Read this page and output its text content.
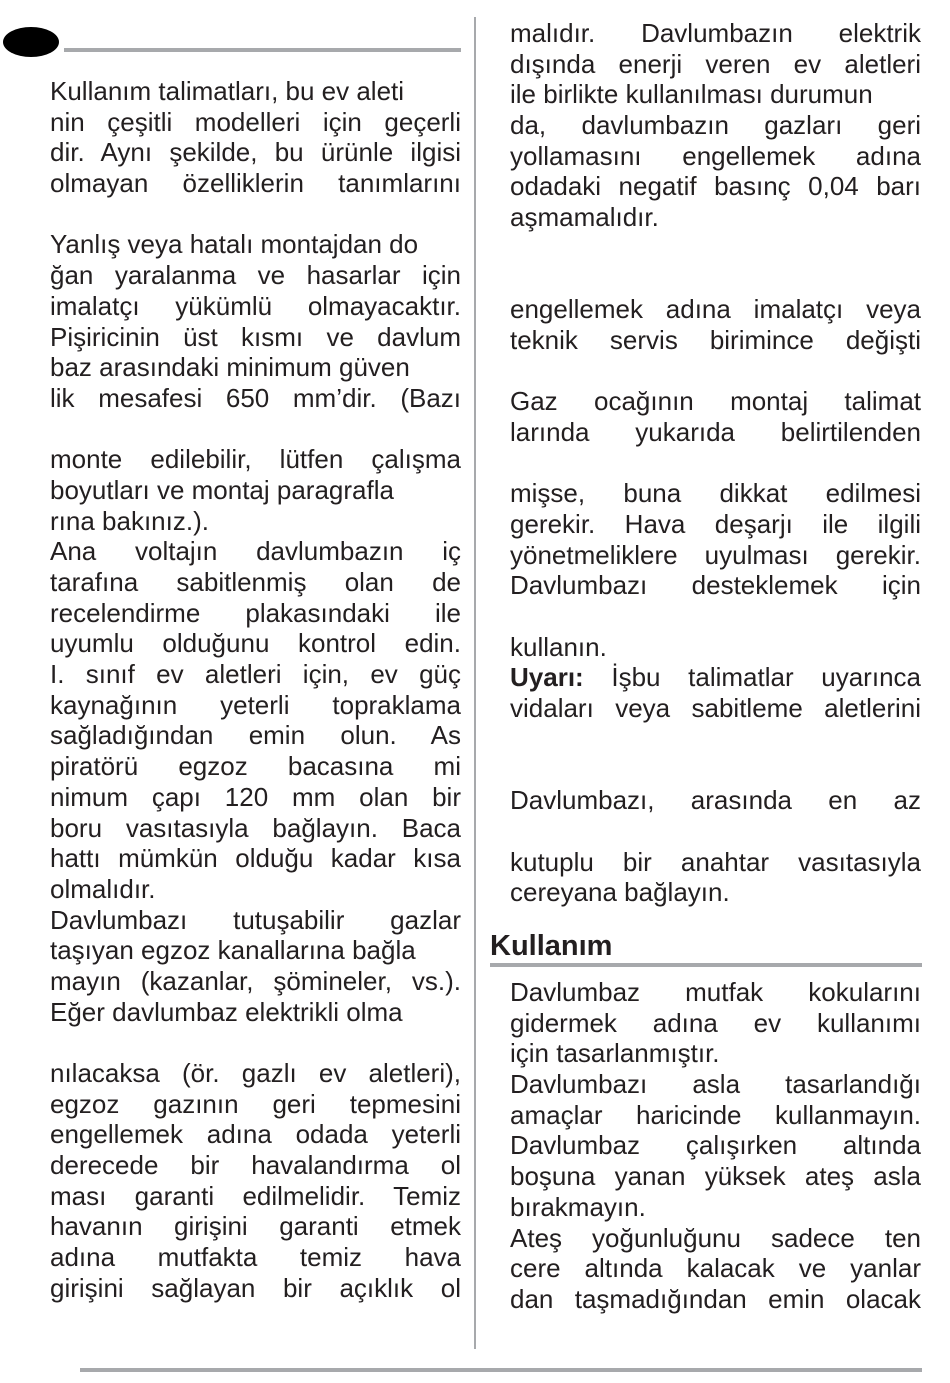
Kullanım talimatları, bu ev aleti
nin çeşitli modelleri için geçerli
dir. Aynı şekilde, bu ürünle ilgisi
olmayan özelliklerin tanımlarını
Yanlış veya hatalı montajdan do
ğan yaralanma ve hasarlar için
imalatçı yükümlü olmayacaktır.
Pişiricinin üst kısmı ve davlum
baz arasındaki minimum güven
lik mesafesi 650 mm’dir. (Bazı
monte edilebilir, lütfen çalışma
boyutları ve montaj paragrafla
rına bakınız.).
Ana voltajın davlumbazın iç
tarafına sabitlenmiş olan de
recelendirme plakasındaki ile
uyumlu olduğunu kontrol edin.
I. sınıf ev aletleri için, ev güç
kaynağının yeterli topraklama
sağladığından emin olun. As
piratörü egzoz bacasına mi
nimum çapı 120 mm olan bir
boru vasıtasıyla bağlayın. Baca
hattı mümkün olduğu kadar kısa
olmalıdır.
Davlumbazı tutuşabilir gazlar
taşıyan egzoz kanallarına bağla
mayın (kazanlar, şömineler, vs.).
Eğer davlumbaz elektrikli olma
nılacaksa (ör. gazlı ev aletleri),
egzoz gazının geri tepmesini
engellemek adına odada yeterli
derecede bir havalandırma ol
ması garanti edilmelidir. Temiz
havanın girişini garanti etmek
adına mutfakta temiz hava
girişini sağlayan bir açıklık ol
malıdır. Davlumbazın elektrik
dışında enerji veren ev aletleri
ile birlikte kullanılması durumun
da, davlumbazın gazları geri
yollamasını engellemek adına
odadaki negatif basınç 0,04 barı
aşmamalıdır.
engellemek adına imalatçı veya
teknik servis birimince değişti
Gaz ocağının montaj talimat
larında yukarıda belirtilenden
mişse, buna dikkat edilmesi
gerekir. Hava deşarjı ile ilgili
yönetmeliklere uyulması gerekir.
Davlumbazı desteklemek için
kullanın.
Uyarı: İşbu talimatlar uyarınca
vidaları veya sabitleme aletlerini
Davlumbazı, arasında en az
kutuplu bir anahtar vasıtasıyla
cereyana bağlayın.
Kullanım
Davlumbaz mutfak kokularını
gidermek adına ev kullanımı
için tasarlanmıştır.
Davlumbazı asla tasarlandığı
amaçlar haricinde kullanmayın.
Davlumbaz çalışırken altında
boşuna yanan yüksek ateş asla
bırakmayın.
Ateş yoğunluğunu sadece ten
cere altında kalacak ve yanlar
dan taşmadığından emin olacak
